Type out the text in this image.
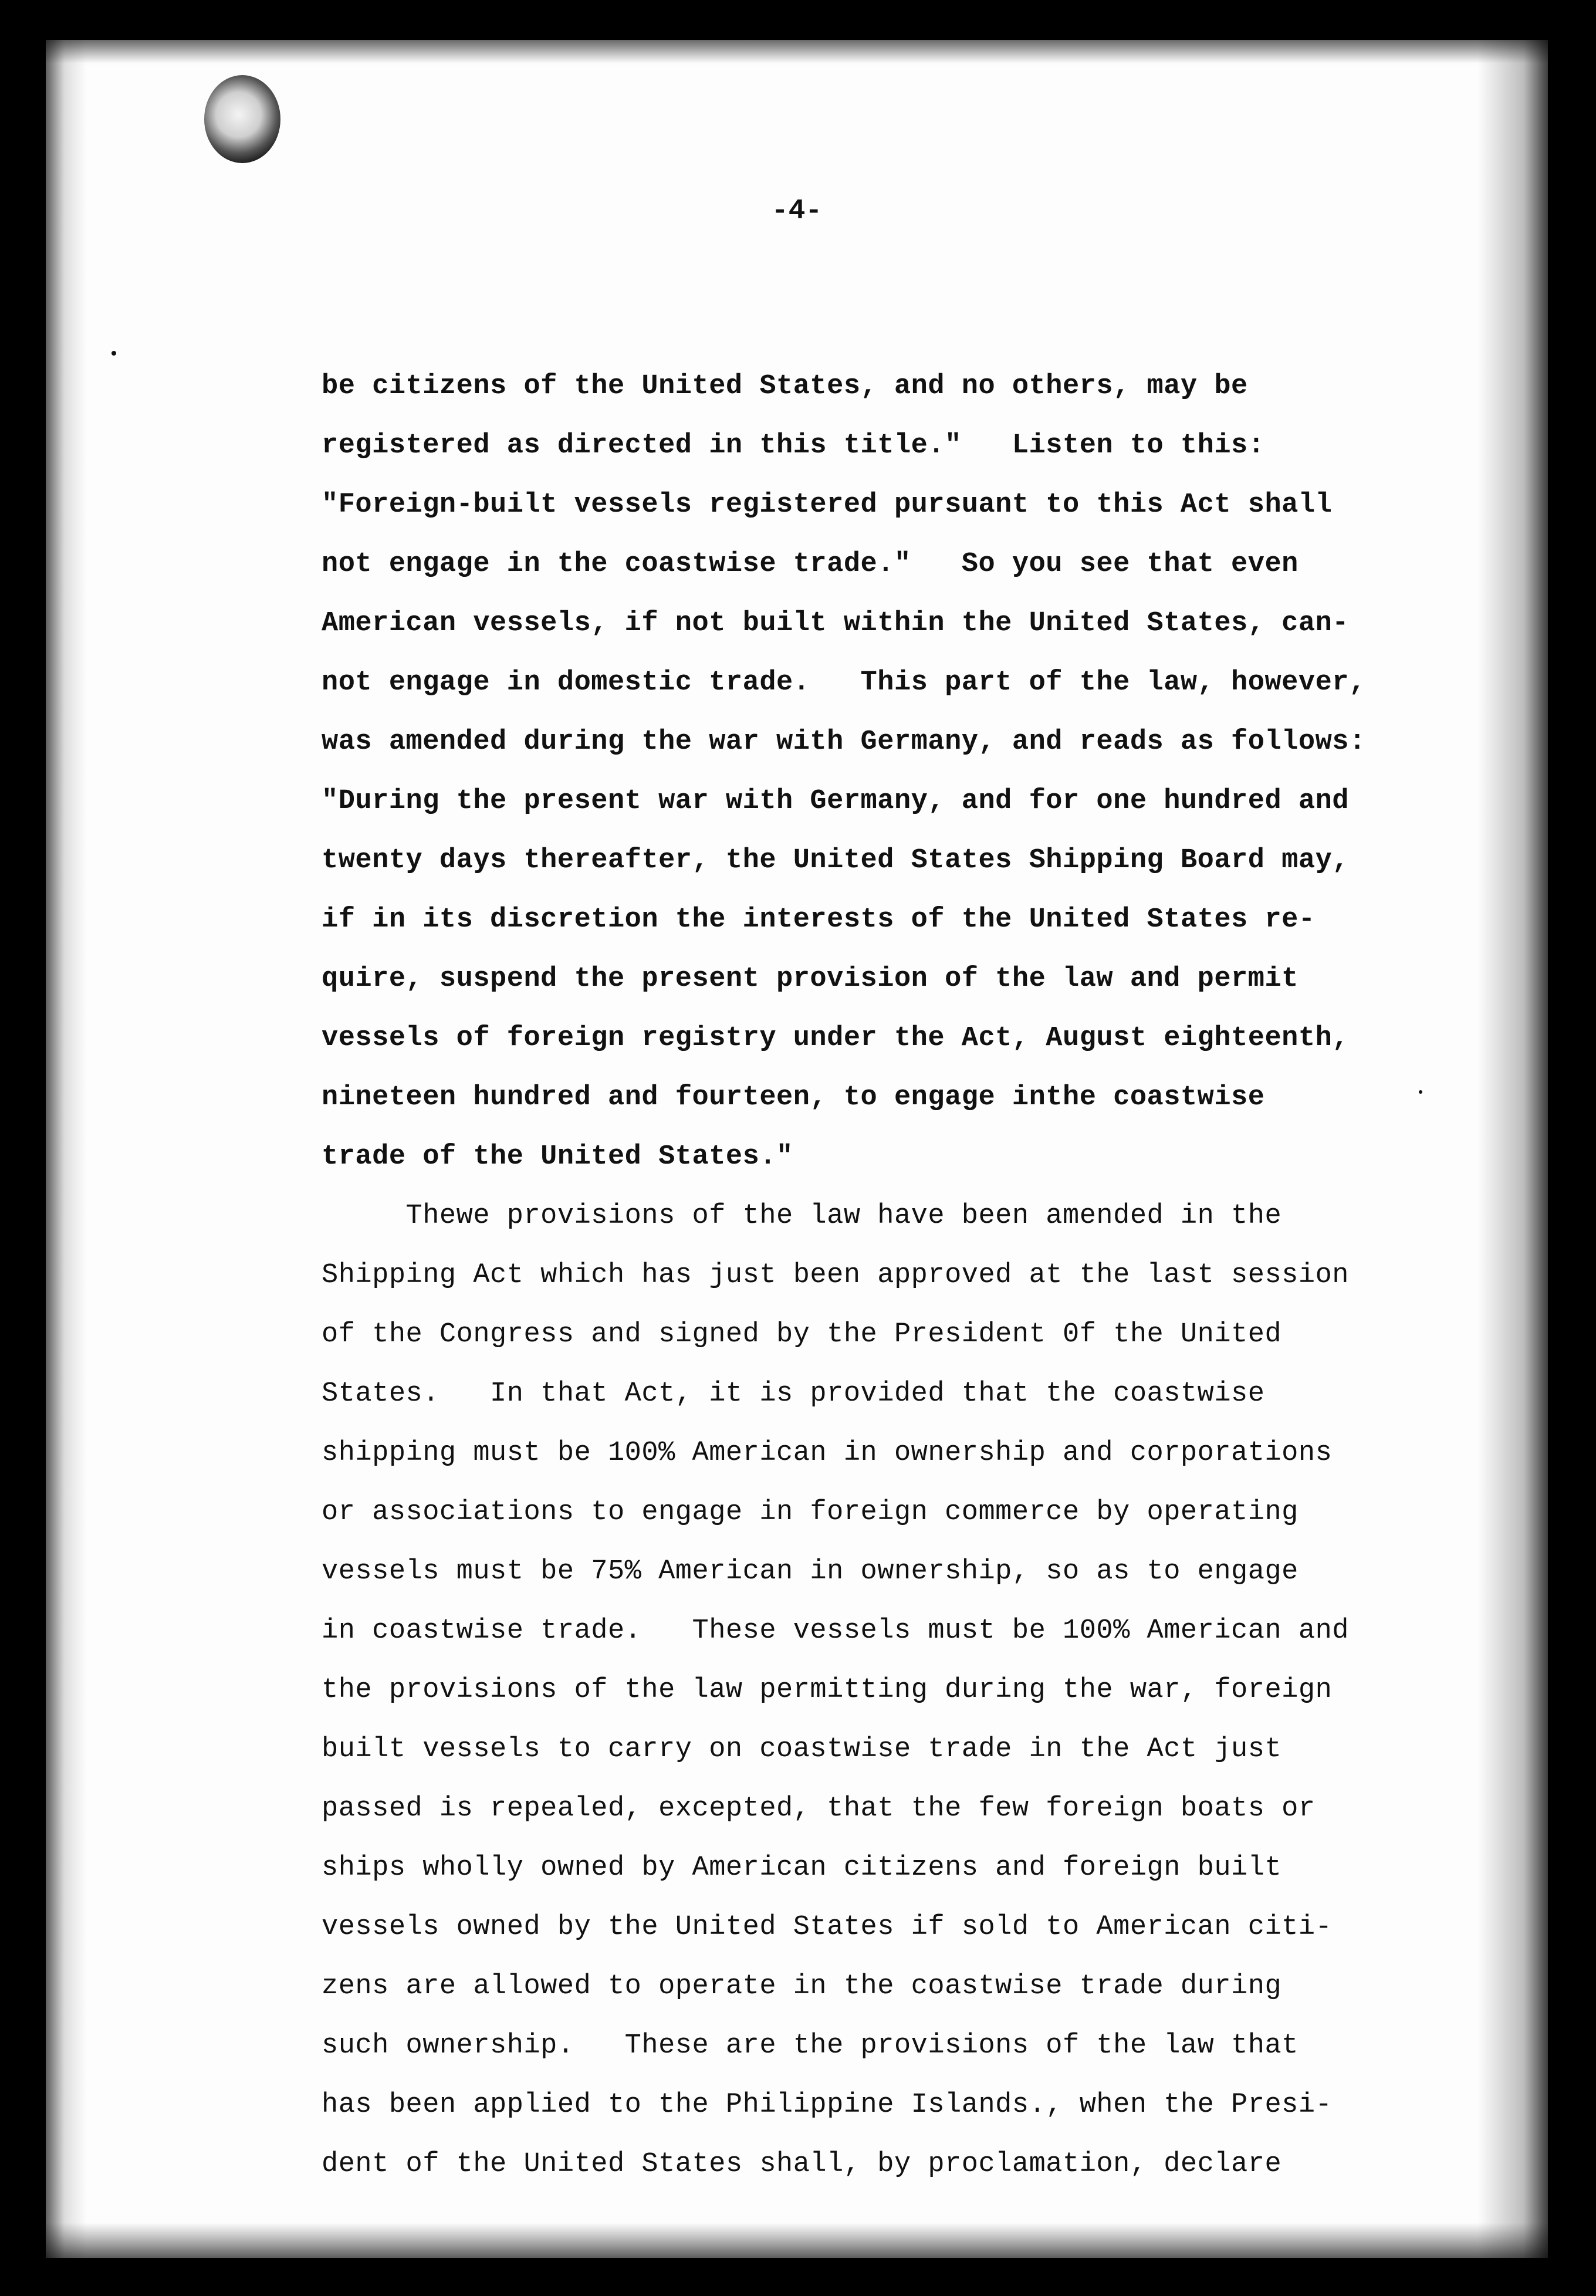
-4-

be citizens of the United States, and no others, may be
registered as directed in this title."   Listen to this:
"Foreign-built vessels registered pursuant to this Act shall
not engage in the coastwise trade."   So you see that even
American vessels, if not built within the United States, can-
not engage in domestic trade.   This part of the law, however,
was amended during the war with Germany, and reads as follows:
"During the present war with Germany, and for one hundred and
twenty days thereafter, the United States Shipping Board may,
if in its discretion the interests of the United States re-
quire, suspend the present provision of the law and permit
vessels of foreign registry under the Act, August eighteenth,
nineteen hundred and fourteen, to engage inthe coastwise
trade of the United States."
Thewe provisions of the law have been amended in the
Shipping Act which has just been approved at the last session
of the Congress and signed by the President 0f the United
States.   In that Act, it is provided that the coastwise
shipping must be 100% American in ownership and corporations
or associations to engage in foreign commerce by operating
vessels must be 75% American in ownership, so as to engage
in coastwise trade.   These vessels must be 100% American and
the provisions of the law permitting during the war, foreign
built vessels to carry on coastwise trade in the Act just
passed is repealed, excepted, that the few foreign boats or
ships wholly owned by American citizens and foreign built
vessels owned by the United States if sold to American citi-
zens are allowed to operate in the coastwise trade during
such ownership.   These are the provisions of the law that
has been applied to the Philippine Islands., when the Presi-
dent of the United States shall, by proclamation, declare
